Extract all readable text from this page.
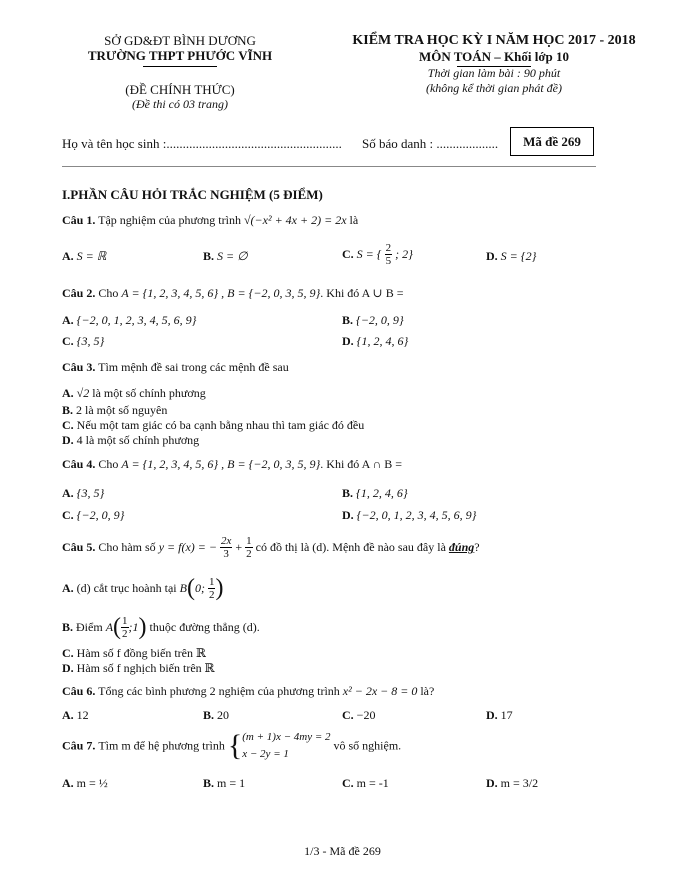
SỞ GD&ĐT BÌNH DƯƠNG
TRƯỜNG THPT PHƯỚC VĨNH
(ĐỀ CHÍNH THỨC)
(Đề thi có 03 trang)
KIỂM TRA HỌC KỲ I NĂM HỌC 2017 - 2018
MÔN TOÁN – Khối lớp 10
Thời gian làm bài : 90 phút
(không kể thời gian phát đề)
Họ và tên học sinh :...................................................... Số báo danh : ...................	Mã đề 269
I.PHẦN CÂU HỎI TRẮC NGHIỆM (5 ĐIỂM)
Câu 1. Tập nghiệm của phương trình √(−x² + 4x + 2) = 2x là
A. S = ℝ	B. S = ∅	C. S = { $\frac{2}{5}$ ; 2}	D. S = {2}
Câu 2. Cho A = {1, 2, 3, 4, 5, 6} , B = {−2, 0, 3, 5, 9}. Khi đó A ∪ B =
A. {−2, 0, 1, 2, 3, 4, 5, 6, 9}	B. {−2, 0, 9}
C. {3, 5}	D. {1, 2, 4, 6}
Câu 3. Tìm mệnh đề sai trong các mệnh đề sau
A. √2 là một số chính phương
B. 2 là một số nguyên
C. Nếu một tam giác có ba cạnh bằng nhau thì tam giác đó đều
D. 4 là một số chính phương
Câu 4. Cho A = {1, 2, 3, 4, 5, 6} , B = {−2, 0, 3, 5, 9}. Khi đó A ∩ B =
A. {3, 5}	B. {1, 2, 4, 6}
C. {−2, 0, 9}	D. {−2, 0, 1, 2, 3, 4, 5, 6, 9}
Câu 5. Cho hàm số y = f(x) = − $\frac{2x}{3} + \frac{1}{2}$ có đồ thị là (d). Mệnh đề nào sau đây là đúng?
A. (d) cắt trục hoành tại B(0; $\frac{1}{2}$ )
B. Điểm $A( \frac{1}{2}$ ;1) thuộc đường thẳng (d).
C. Hàm số f đồng biến trên ℝ
D. Hàm số f nghịch biến trên ℝ
Câu 6. Tổng các bình phương 2 nghiệm của phương trình x² − 2x − 8 = 0 là?
A. 12	B. 20	C. −20	D. 17
Câu 7. Tìm m để hệ phương trình { (m + 1)x − 4my = 2
x − 2y = 1
vô số nghiệm.
A. m = ½	B. m = 1	C. m = -1	D. m = 3/2
1/3 - Mã đề 269
